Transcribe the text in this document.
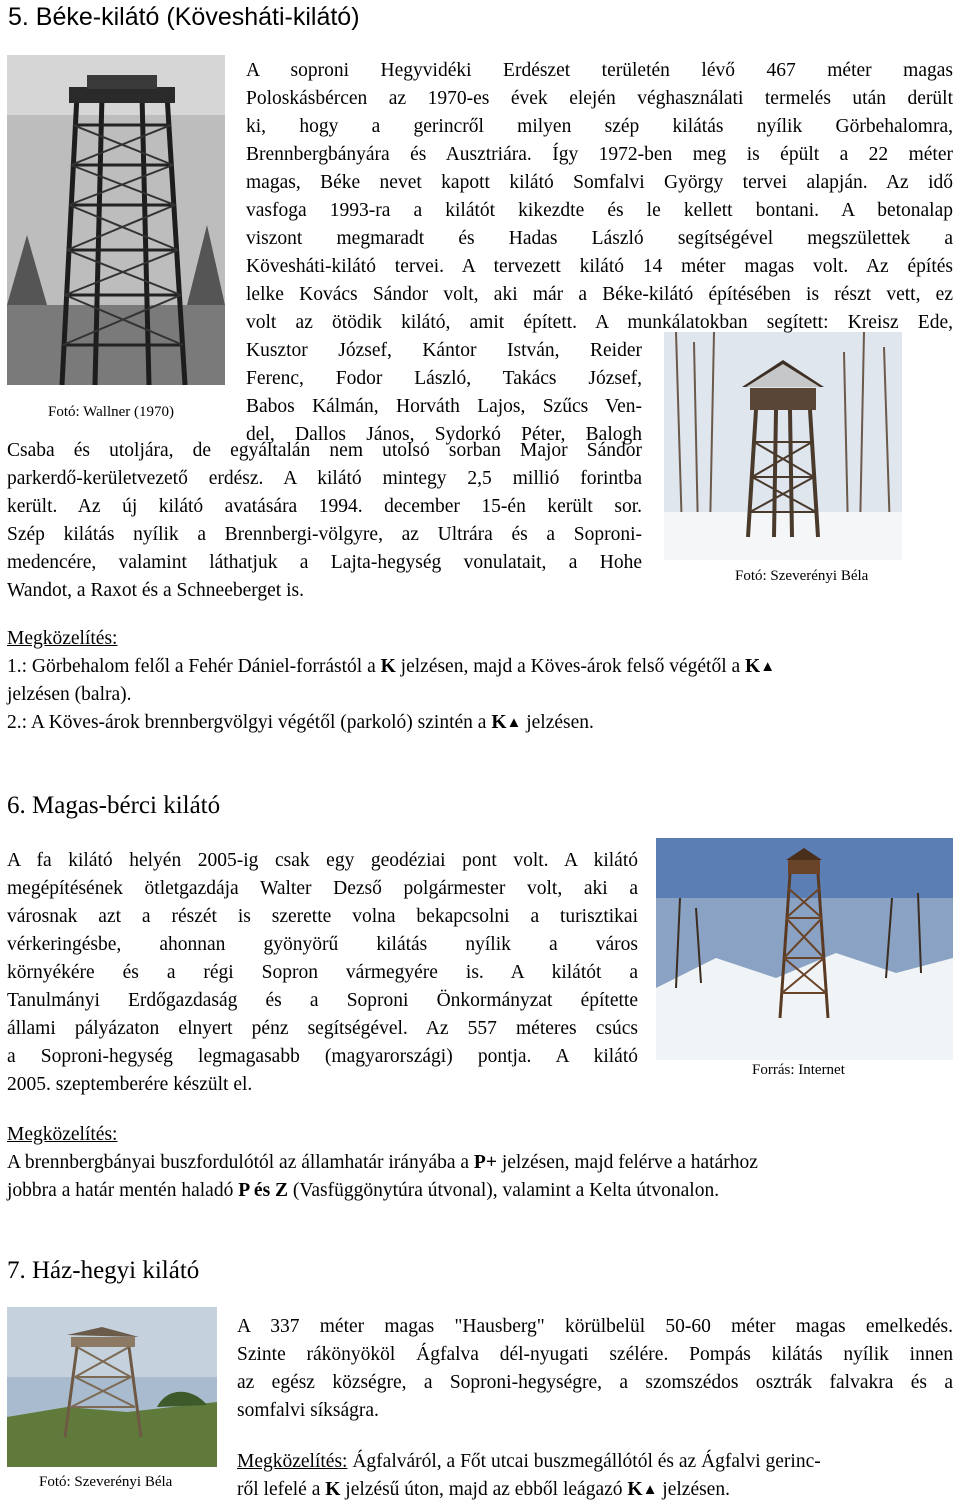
5. Béke-kilátó (Kövesháti-kilátó)
Fotó: Wallner (1970)
Fotó: Szeverényi Béla
A soproni Hegyvidéki Erdészet területén lévő 467 méter magas
Poloskásbércen az 1970-es évek elején véghasználati termelés után derült
ki, hogy a gerincről milyen szép kilátás nyílik Görbehalomra,
Brennbergbányára és Ausztriára. Így 1972-ben meg is épült a 22 méter
magas, Béke nevet kapott kilátó Somfalvi György tervei alapján. Az idő
vasfoga 1993-ra a kilátót kikezdte és le kellett bontani. A betonalap
viszont megmaradt és Hadas László segítségével megszülettek a
Kövesháti-kilátó tervei. A tervezett kilátó 14 méter magas volt. Az építés
lelke Kovács Sándor volt, aki már a Béke-kilátó építésében is részt vett, ez
volt az ötödik kilátó, amit épített. A munkálatokban segített: Kreisz Ede,
Kusztor József, Kántor István, Reider
Ferenc, Fodor László, Takács József,
Babos Kálmán, Horváth Lajos, Szűcs Ven-
del, Dallos János, Sydorkó Péter, Balogh
Csaba és utoljára, de egyáltalán nem utolsó sorban Major Sándor
parkerdő-kerületvezető erdész. A kilátó mintegy 2,5 millió forintba
került. Az új kilátó avatására 1994. december 15-én került sor.
Szép kilátás nyílik a Brennbergi-völgyre, az Ultrára és a Soproni-
medencére, valamint láthatjuk a Lajta-hegység vonulatait, a Hohe
Wandot, a Raxot és a Schneeberget is.
Megközelítés:
1.: Görbehalom felől a Fehér Dániel-forrástól a K jelzésen, majd a Köves-árok felső végétől a K▲
jelzésen (balra).
2.: A Köves-árok brennbergvölgyi végétől (parkoló) szintén a K▲ jelzésen.
6. Magas-bérci kilátó
A fa kilátó helyén 2005-ig csak egy geodéziai pont volt. A kilátó
megépítésének ötletgazdája Walter Dezső polgármester volt, aki a
városnak azt a részét is szerette volna bekapcsolni a turisztikai
vérkeringésbe, ahonnan gyönyörű kilátás nyílik a város
környékére és a régi Sopron vármegyére is. A kilátót a
Tanulmányi Erdőgazdaság és a Soproni Önkormányzat építette
állami pályázaton elnyert pénz segítségével. Az 557 méteres csúcs
a Soproni-hegység legmagasabb (magyarországi) pontja. A kilátó
2005. szeptemberére készült el.
Forrás: Internet
Megközelítés:
A brennbergbányai buszfordulótól az államhatár irányába a P+ jelzésen, majd felérve a határhoz
jobbra a határ mentén haladó P és Z (Vasfüggönytúra útvonal), valamint a Kelta útvonalon.
7. Ház-hegyi kilátó
Fotó: Szeverényi Béla
A 337 méter magas "Hausberg" körülbelül 50-60 méter magas emelkedés.
Szinte rákönyököl Ágfalva dél-nyugati szélére. Pompás kilátás nyílik innen
az egész községre, a Soproni-hegységre, a szomszédos osztrák falvakra és a
somfalvi síkságra.
Megközelítés: Ágfalváról, a Főt utcai buszmegállótól és az Ágfalvi gerinc-
ről lefelé a K jelzésű úton, majd az ebből leágazó K▲ jelzésen.
